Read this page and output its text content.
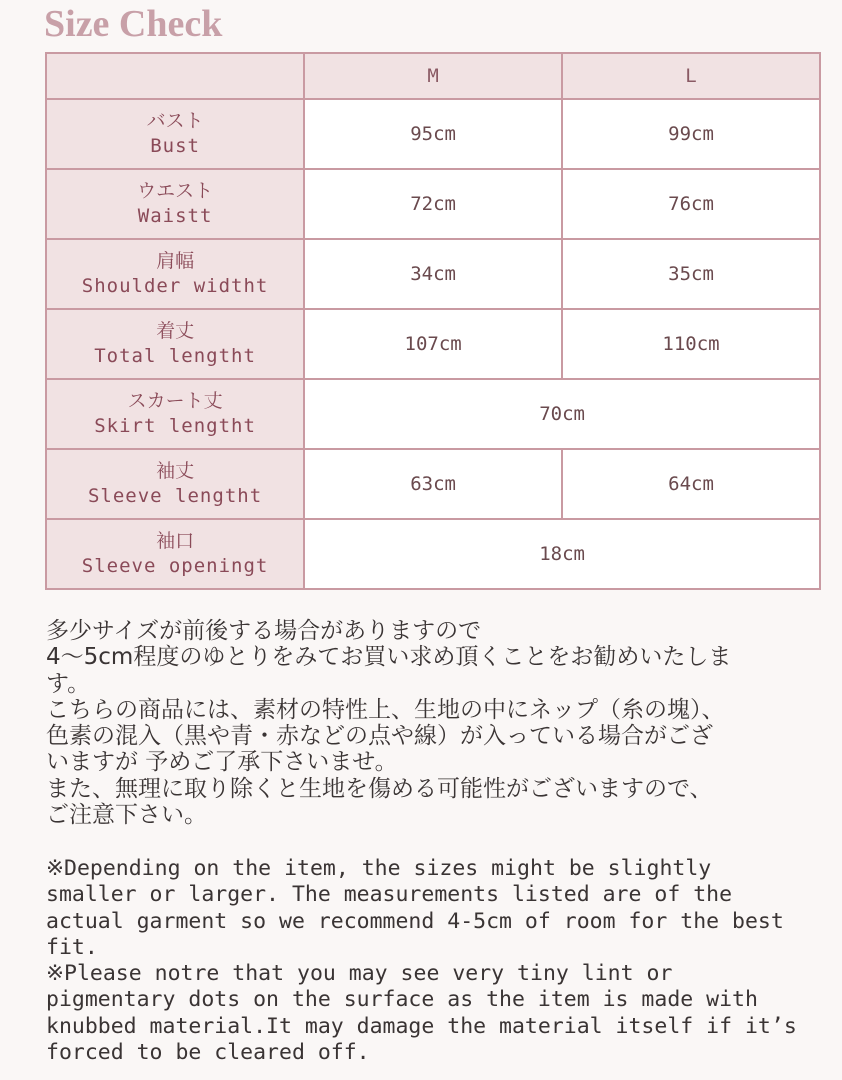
Size Check
	M	L

バスト
Bust	95cm	99cm

ウエスト
Waistt	72cm	76cm

肩幅
Shoulder widtht	34cm	35cm

着丈
Total lengtht	107cm	110cm

スカート丈
Skirt lengtht	70cm	

袖丈
Sleeve lengtht	63cm	64cm

袖口
Sleeve openingt	18cm	
多少サイズが前後する場合がありますので
4〜5cm程度のゆとりをみてお買い求め頂くことをお勧めいたしま
す。
こちらの商品には、素材の特性上、生地の中にネップ（糸の塊）、
色素の混入（黒や青・赤などの点や線）が入っている場合がござ
いますが 予めご了承下さいませ。
また、無理に取り除くと生地を傷める可能性がございますので、
ご注意下さい。
※Depending on the item, the sizes might be slightly
smaller or larger. The measurements listed are of the
actual garment so we recommend 4-5cm of room for the best
fit.
※Please notre that you may see very tiny lint or
pigmentary dots on the surface as the item is made with
knubbed material.It may damage the material itself if it’s
forced to be cleared off.
